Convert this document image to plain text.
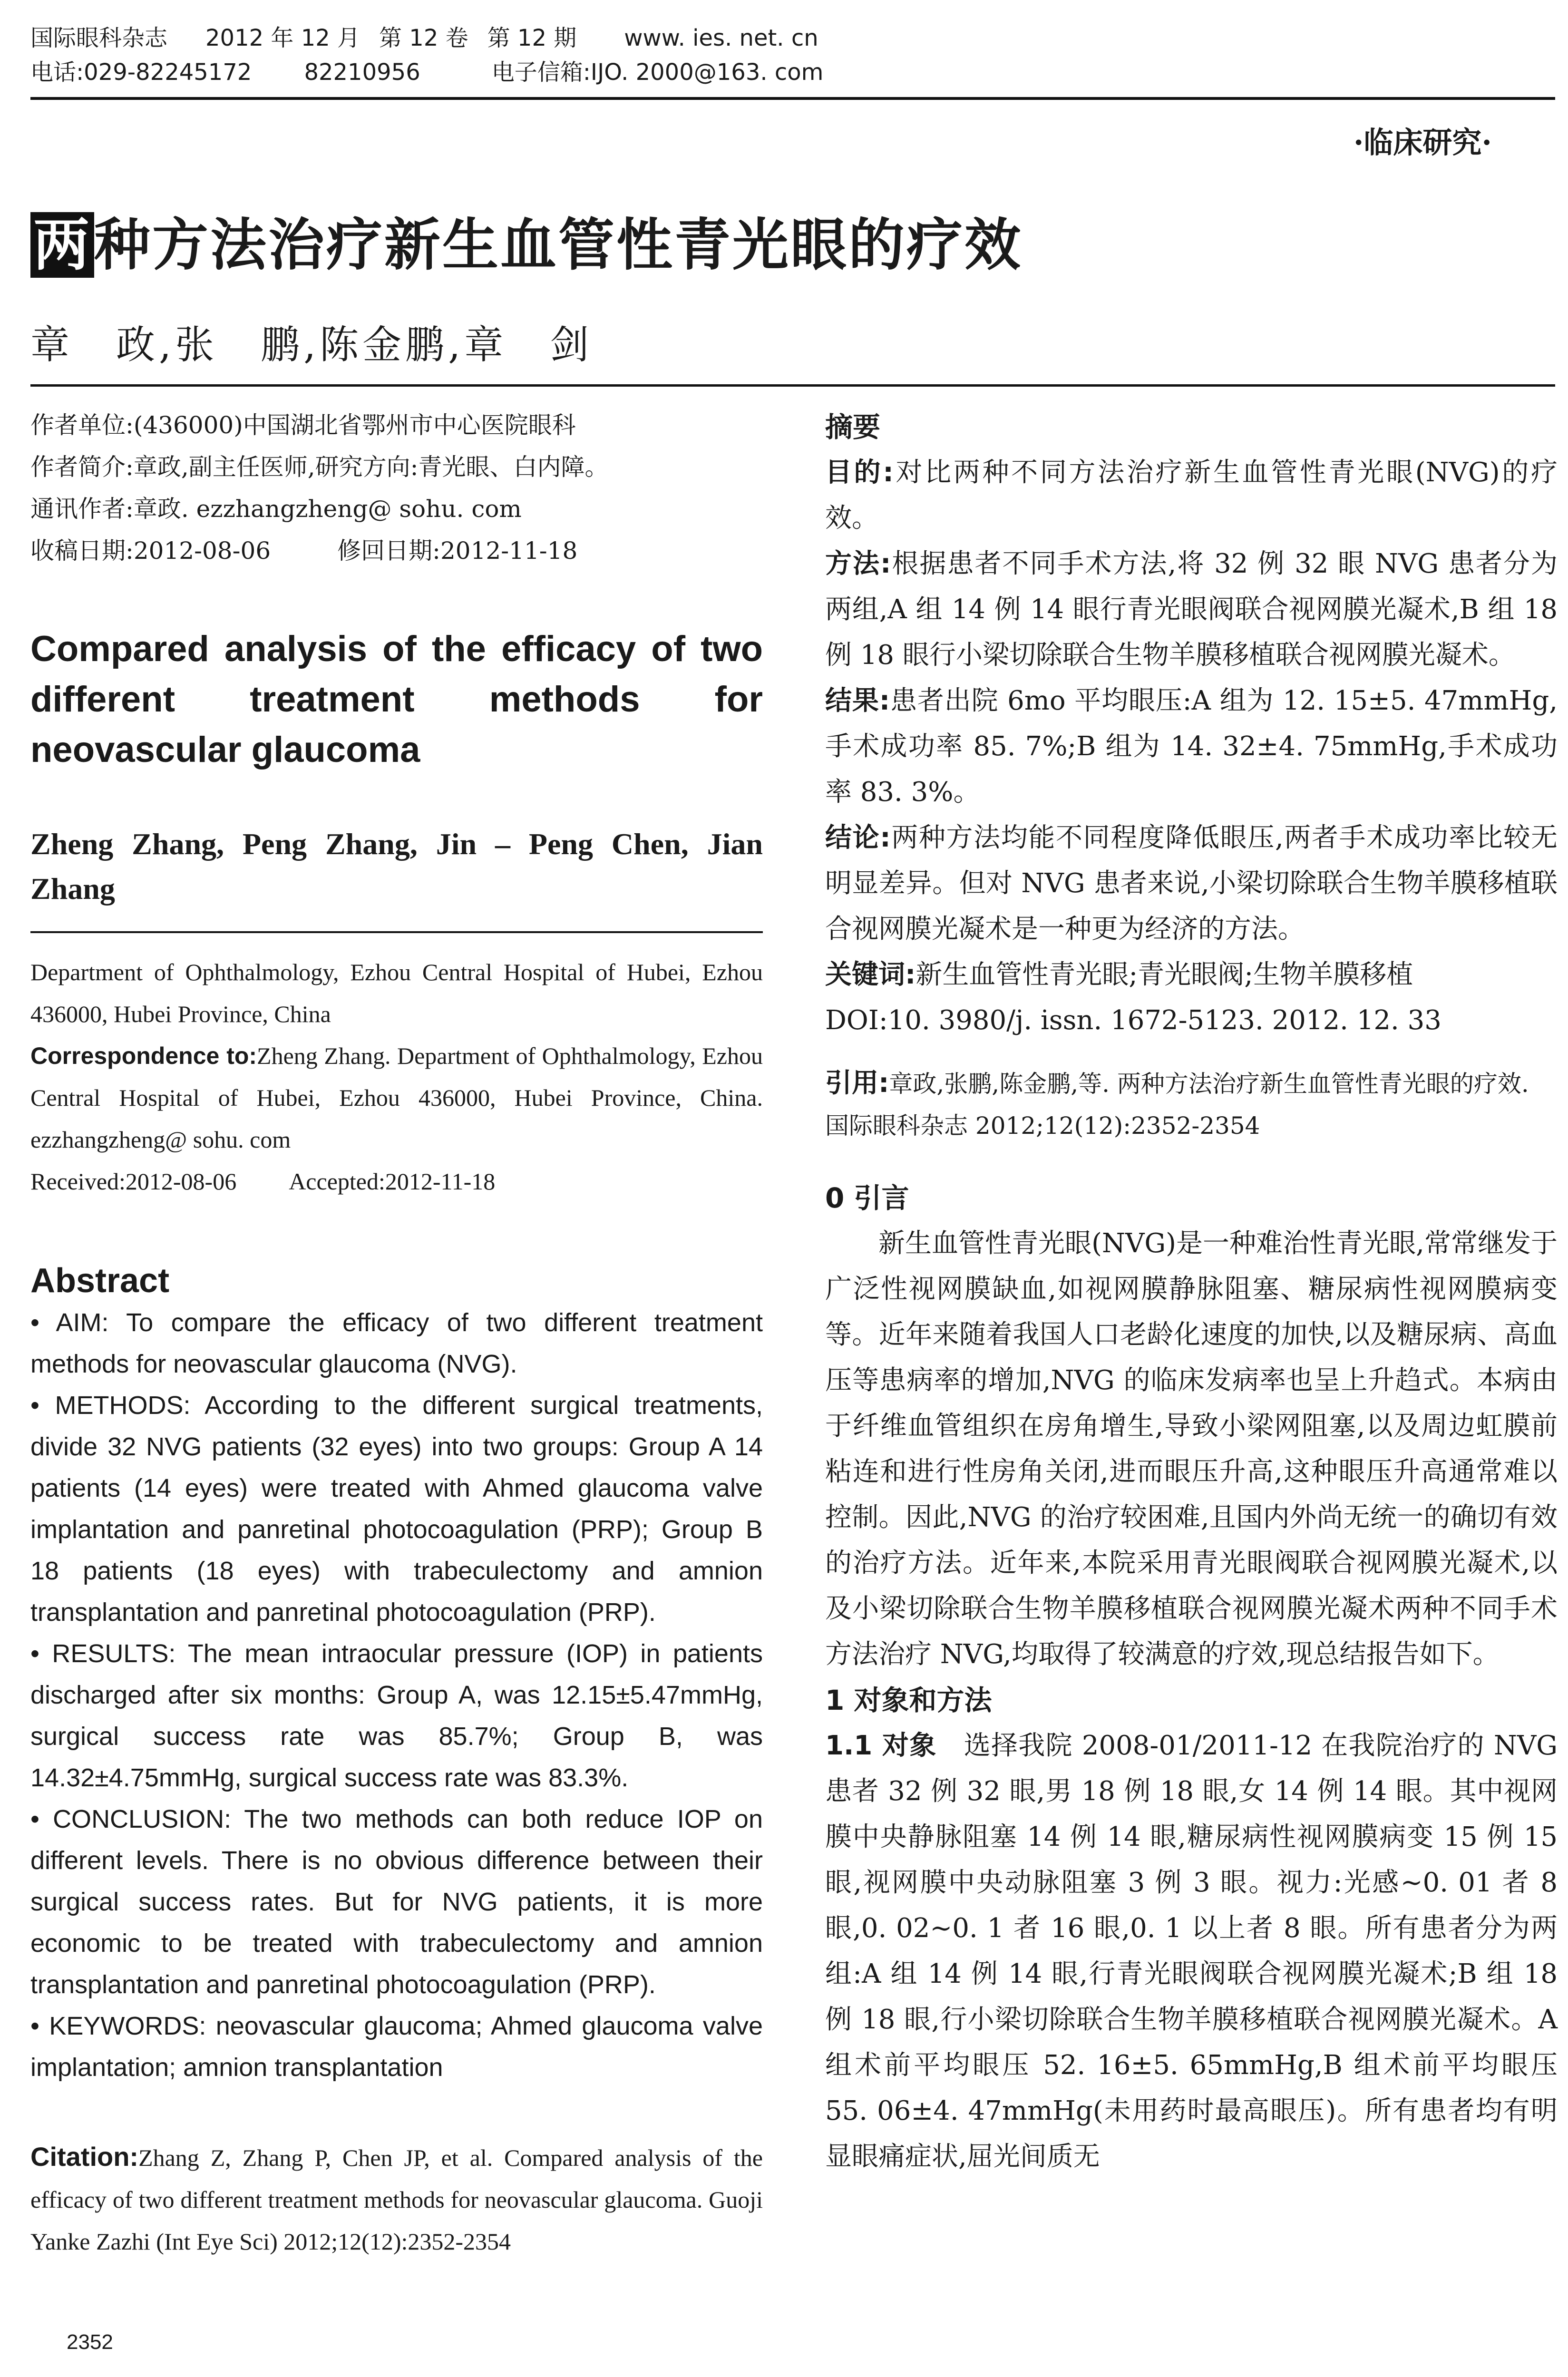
国际眼科杂志 2012 年 12 月 第 12 卷 第 12 期 www. ies. net. cn
电话:029-82245172 82210956	电子信箱:IJO. 2000@163. com
·临床研究·
两种方法治疗新生血管性青光眼的疗效
章　政,张　鹏,陈金鹏,章　剑
作者单位:(436000)中国湖北省鄂州市中心医院眼科
作者简介:章政,副主任医师,研究方向:青光眼、白内障。
通讯作者:章政. ezzhangzheng@ sohu. com
收稿日期:2012-08-06	修回日期:2012-11-18
Compared analysis of the efficacy of two different treatment methods for neovascular glaucoma
Zheng Zhang, Peng Zhang, Jin – Peng Chen, Jian Zhang
Department of Ophthalmology, Ezhou Central Hospital of Hubei, Ezhou 436000, Hubei Province, China
Correspondence to:Zheng Zhang. Department of Ophthalmology, Ezhou Central Hospital of Hubei, Ezhou 436000, Hubei Province, China. ezzhangzheng@ sohu. com
Received:2012-08-06 Accepted:2012-11-18
Abstract

• AIM: To compare the efficacy of two different treatment methods for neovascular glaucoma (NVG).

• METHODS: According to the different surgical treatments, divide 32 NVG patients (32 eyes) into two groups: Group A 14 patients (14 eyes) were treated with Ahmed glaucoma valve implantation and panretinal photocoagulation (PRP); Group B 18 patients (18 eyes) with trabeculectomy and amnion transplantation and panretinal photocoagulation (PRP).

• RESULTS: The mean intraocular pressure (IOP) in patients discharged after six months: Group A, was 12.15±5.47mmHg, surgical success rate was 85.7%; Group B, was 14.32±4.75mmHg, surgical success rate was 83.3%.

• CONCLUSION: The two methods can both reduce IOP on different levels. There is no obvious difference between their surgical success rates. But for NVG patients, it is more economic to be treated with trabeculectomy and amnion transplantation and panretinal photocoagulation (PRP).

• KEYWORDS: neovascular glaucoma; Ahmed glaucoma valve implantation; amnion transplantation

Citation:Zhang Z, Zhang P, Chen JP, et al. Compared analysis of the efficacy of two different treatment methods for neovascular glaucoma. Guoji Yanke Zazhi (Int Eye Sci) 2012;12(12):2352-2354
摘要

目的:对比两种不同方法治疗新生血管性青光眼(NVG)的疗效。

方法:根据患者不同手术方法,将 32 例 32 眼 NVG 患者分为两组,A 组 14 例 14 眼行青光眼阀联合视网膜光凝术,B 组 18 例 18 眼行小梁切除联合生物羊膜移植联合视网膜光凝术。

结果:患者出院 6mo 平均眼压:A 组为 12. 15±5. 47mmHg,手术成功率 85. 7%;B 组为 14. 32±4. 75mmHg,手术成功率 83. 3%。

结论:两种方法均能不同程度降低眼压,两者手术成功率比较无明显差异。但对 NVG 患者来说,小梁切除联合生物羊膜移植联合视网膜光凝术是一种更为经济的方法。

关键词:新生血管性青光眼;青光眼阀;生物羊膜移植

DOI:10. 3980/j. issn. 1672-5123. 2012. 12. 33

引用:章政,张鹏,陈金鹏,等. 两种方法治疗新生血管性青光眼的疗效. 国际眼科杂志 2012;12(12):2352-2354
0 引言

新生血管性青光眼(NVG)是一种难治性青光眼,常常继发于广泛性视网膜缺血,如视网膜静脉阻塞、糖尿病性视网膜病变等。近年来随着我国人口老龄化速度的加快,以及糖尿病、高血压等患病率的增加,NVG 的临床发病率也呈上升趋式。本病由于纤维血管组织在房角增生,导致小梁网阻塞,以及周边虹膜前粘连和进行性房角关闭,进而眼压升高,这种眼压升高通常难以控制。因此,NVG 的治疗较困难,且国内外尚无统一的确切有效的治疗方法。近年来,本院采用青光眼阀联合视网膜光凝术,以及小梁切除联合生物羊膜移植联合视网膜光凝术两种不同手术方法治疗 NVG,均取得了较满意的疗效,现总结报告如下。

1 对象和方法

1.1 对象 选择我院 2008-01/2011-12 在我院治疗的 NVG 患者 32 例 32 眼,男 18 例 18 眼,女 14 例 14 眼。其中视网膜中央静脉阻塞 14 例 14 眼,糖尿病性视网膜病变 15 例 15 眼,视网膜中央动脉阻塞 3 例 3 眼。视力:光感~0. 01 者 8 眼,0. 02~0. 1 者 16 眼,0. 1 以上者 8 眼。所有患者分为两组:A 组 14 例 14 眼,行青光眼阀联合视网膜光凝术;B 组 18 例 18 眼,行小梁切除联合生物羊膜移植联合视网膜光凝术。A 组术前平均眼压 52. 16±5. 65mmHg,B 组术前平均眼压 55. 06±4. 47mmHg(未用药时最高眼压)。所有患者均有明显眼痛症状,屈光间质无

2352
